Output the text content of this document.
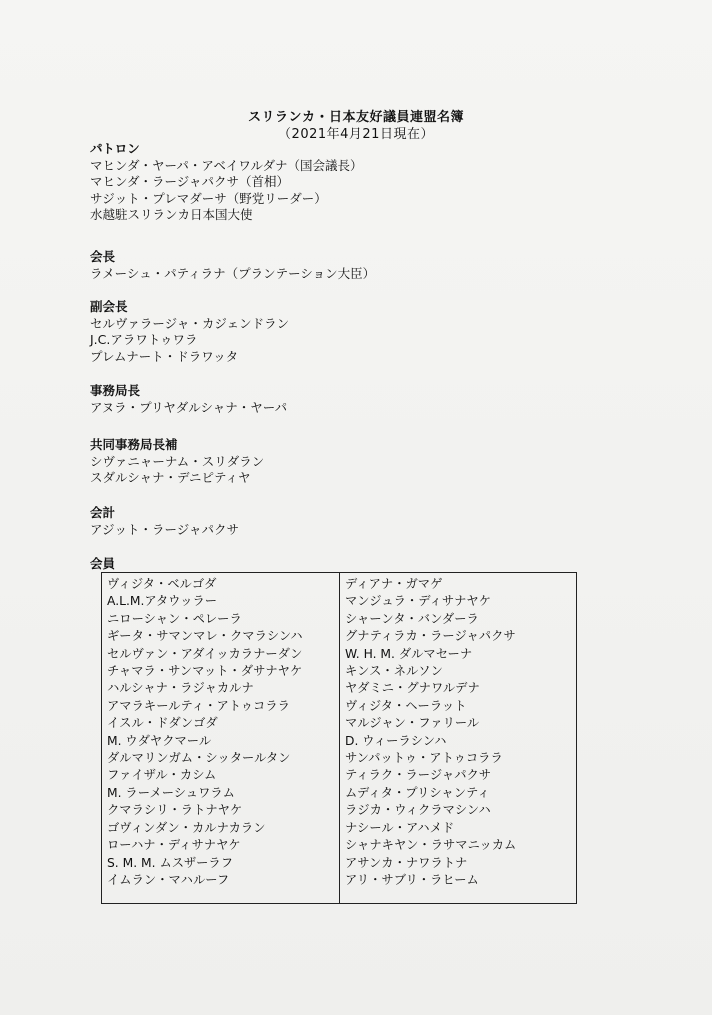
スリランカ・日本友好議員連盟名簿
（2021年4月21日現在）
パトロン
マヒンダ・ヤーパ・アベイワルダナ（国会議長）
マヒンダ・ラージャパクサ（首相）
サジット・プレマダーサ（野党リーダー）
水越駐スリランカ日本国大使
会長
ラメーシュ・パティラナ（プランテーション大臣）
副会長
セルヴァラージャ・カジェンドラン
J.C.アラワトゥワラ
プレムナート・ドラワッタ
事務局長
アヌラ・プリヤダルシャナ・ヤーパ
共同事務局長補
シヴァニャーナム・スリダラン
スダルシャナ・デニピティヤ
会計
アジット・ラージャパクサ
会員
ヴィジタ・ベルゴダ
A.L.M.アタウッラー
ニローシャン・ペレーラ
ギータ・サマンマレ・クマラシンハ
セルヴァン・アダイッカラナーダン
チャマラ・サンマット・ダサナヤケ
ハルシャナ・ラジャカルナ
アマラキールティ・アトゥコララ
イスル・ドダンゴダ
M. ウダヤクマール
ダルマリンガム・シッタールタン
ファイザル・カシム
M. ラーメーシュワラム
クマラシリ・ラトナヤケ
ゴヴィンダン・カルナカラン
ローハナ・ディサナヤケ
S. M. M. ムスザーラフ
イムラン・マハルーフ
ディアナ・ガマゲ
マンジュラ・ディサナヤケ
シャーンタ・バンダーラ
グナティラカ・ラージャパクサ
W. H. M. ダルマセーナ
キンス・ネルソン
ヤダミニ・グナワルデナ
ヴィジタ・ヘーラット
マルジャン・ファリール
D. ウィーラシンハ
サンパットゥ・アトゥコララ
ティラク・ラージャパクサ
ムディタ・プリシャンティ
ラジカ・ウィクラマシンハ
ナシール・アハメド
シャナキヤン・ラサマニッカム
アサンカ・ナワラトナ
アリ・サブリ・ラヒーム
